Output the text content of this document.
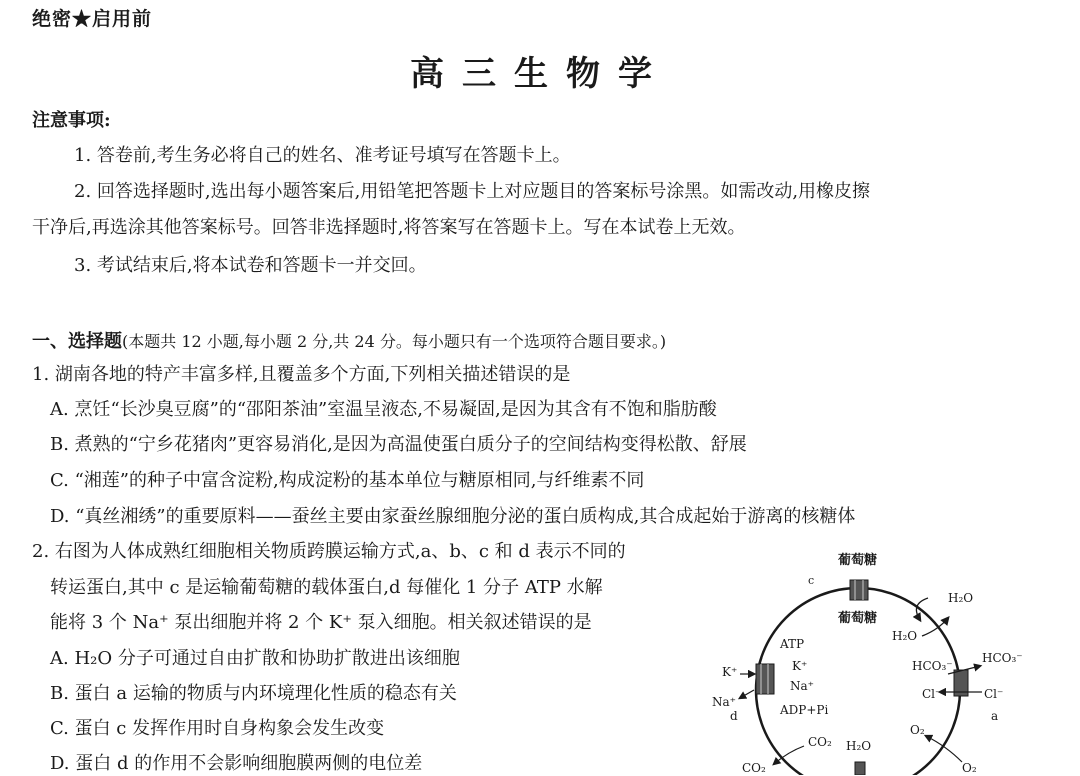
绝密★启用前
高三生物学
注意事项:
1. 答卷前,考生务必将自己的姓名、准考证号填写在答题卡上。
2. 回答选择题时,选出每小题答案后,用铅笔把答题卡上对应题目的答案标号涂黑。如需改动,用橡皮擦
干净后,再选涂其他答案标号。回答非选择题时,将答案写在答题卡上。写在本试卷上无效。
3. 考试结束后,将本试卷和答题卡一并交回。
一、选择题(本题共 12 小题,每小题 2 分,共 24 分。每小题只有一个选项符合题目要求。)
1. 湖南各地的特产丰富多样,且覆盖多个方面,下列相关描述错误的是
A. 烹饪“长沙臭豆腐”的“邵阳茶油”室温呈液态,不易凝固,是因为其含有不饱和脂肪酸
B. 煮熟的“宁乡花猪肉”更容易消化,是因为高温使蛋白质分子的空间结构变得松散、舒展
C. “湘莲”的种子中富含淀粉,构成淀粉的基本单位与糖原相同,与纤维素不同
D. “真丝湘绣”的重要原料——蚕丝主要由家蚕丝腺细胞分泌的蛋白质构成,其合成起始于游离的核糖体
2. 右图为人体成熟红细胞相关物质跨膜运输方式,a、b、c 和 d 表示不同的
转运蛋白,其中 c 是运输葡萄糖的载体蛋白,d 每催化 1 分子 ATP 水解
能将 3 个 Na⁺ 泵出细胞并将 2 个 K⁺ 泵入细胞。相关叙述错误的是
A. H₂O 分子可通过自由扩散和协助扩散进出该细胞
B. 蛋白 a 运输的物质与内环境理化性质的稳态有关
C. 蛋白 c 发挥作用时自身构象会发生改变
D. 蛋白 d 的作用不会影响细胞膜两侧的电位差
c
葡萄糖
葡萄糖
H₂O
H₂O
ATP
K⁺	K⁺
Na⁺
Na⁺
d	ADP+Pi
HCO₃⁻
HCO₃⁻
Cl⁻	Cl⁻
a
CO₂
CO₂
H₂O
O₂
O₂
